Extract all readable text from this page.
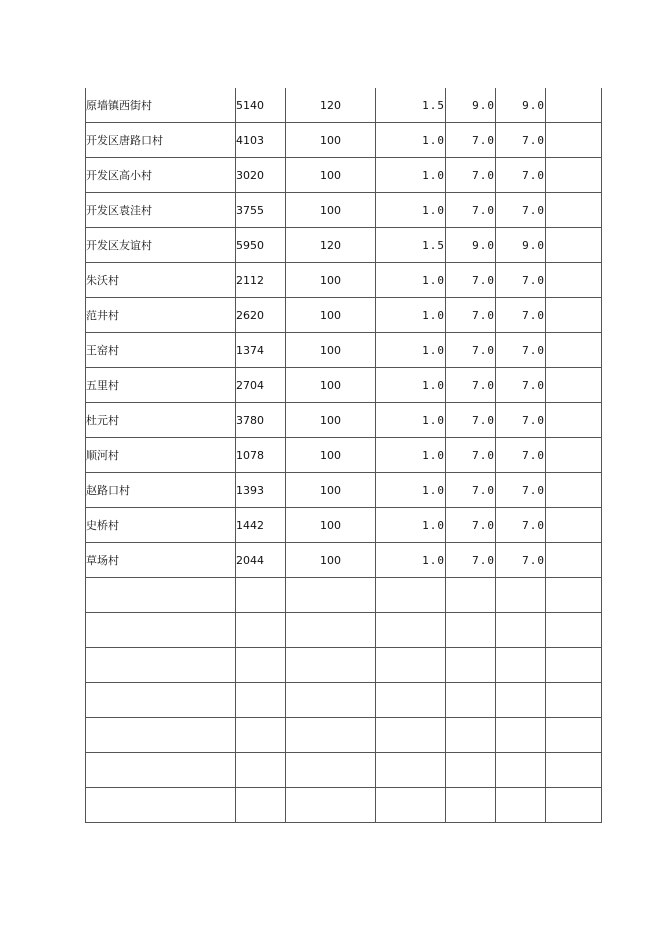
原墙镇西街村	5140	120	1.5	9.0	9.0	
开发区唐路口村	4103	100	1.0	7.0	7.0	
开发区高小村	3020	100	1.0	7.0	7.0	
开发区袁洼村	3755	100	1.0	7.0	7.0	
开发区友谊村	5950	120	1.5	9.0	9.0	
朱沃村	2112	100	1.0	7.0	7.0	
范井村	2620	100	1.0	7.0	7.0	
王窑村	1374	100	1.0	7.0	7.0	
五里村	2704	100	1.0	7.0	7.0	
杜元村	3780	100	1.0	7.0	7.0	
顺河村	1078	100	1.0	7.0	7.0	
赵路口村	1393	100	1.0	7.0	7.0	
史桥村	1442	100	1.0	7.0	7.0	
草场村	2044	100	1.0	7.0	7.0	
